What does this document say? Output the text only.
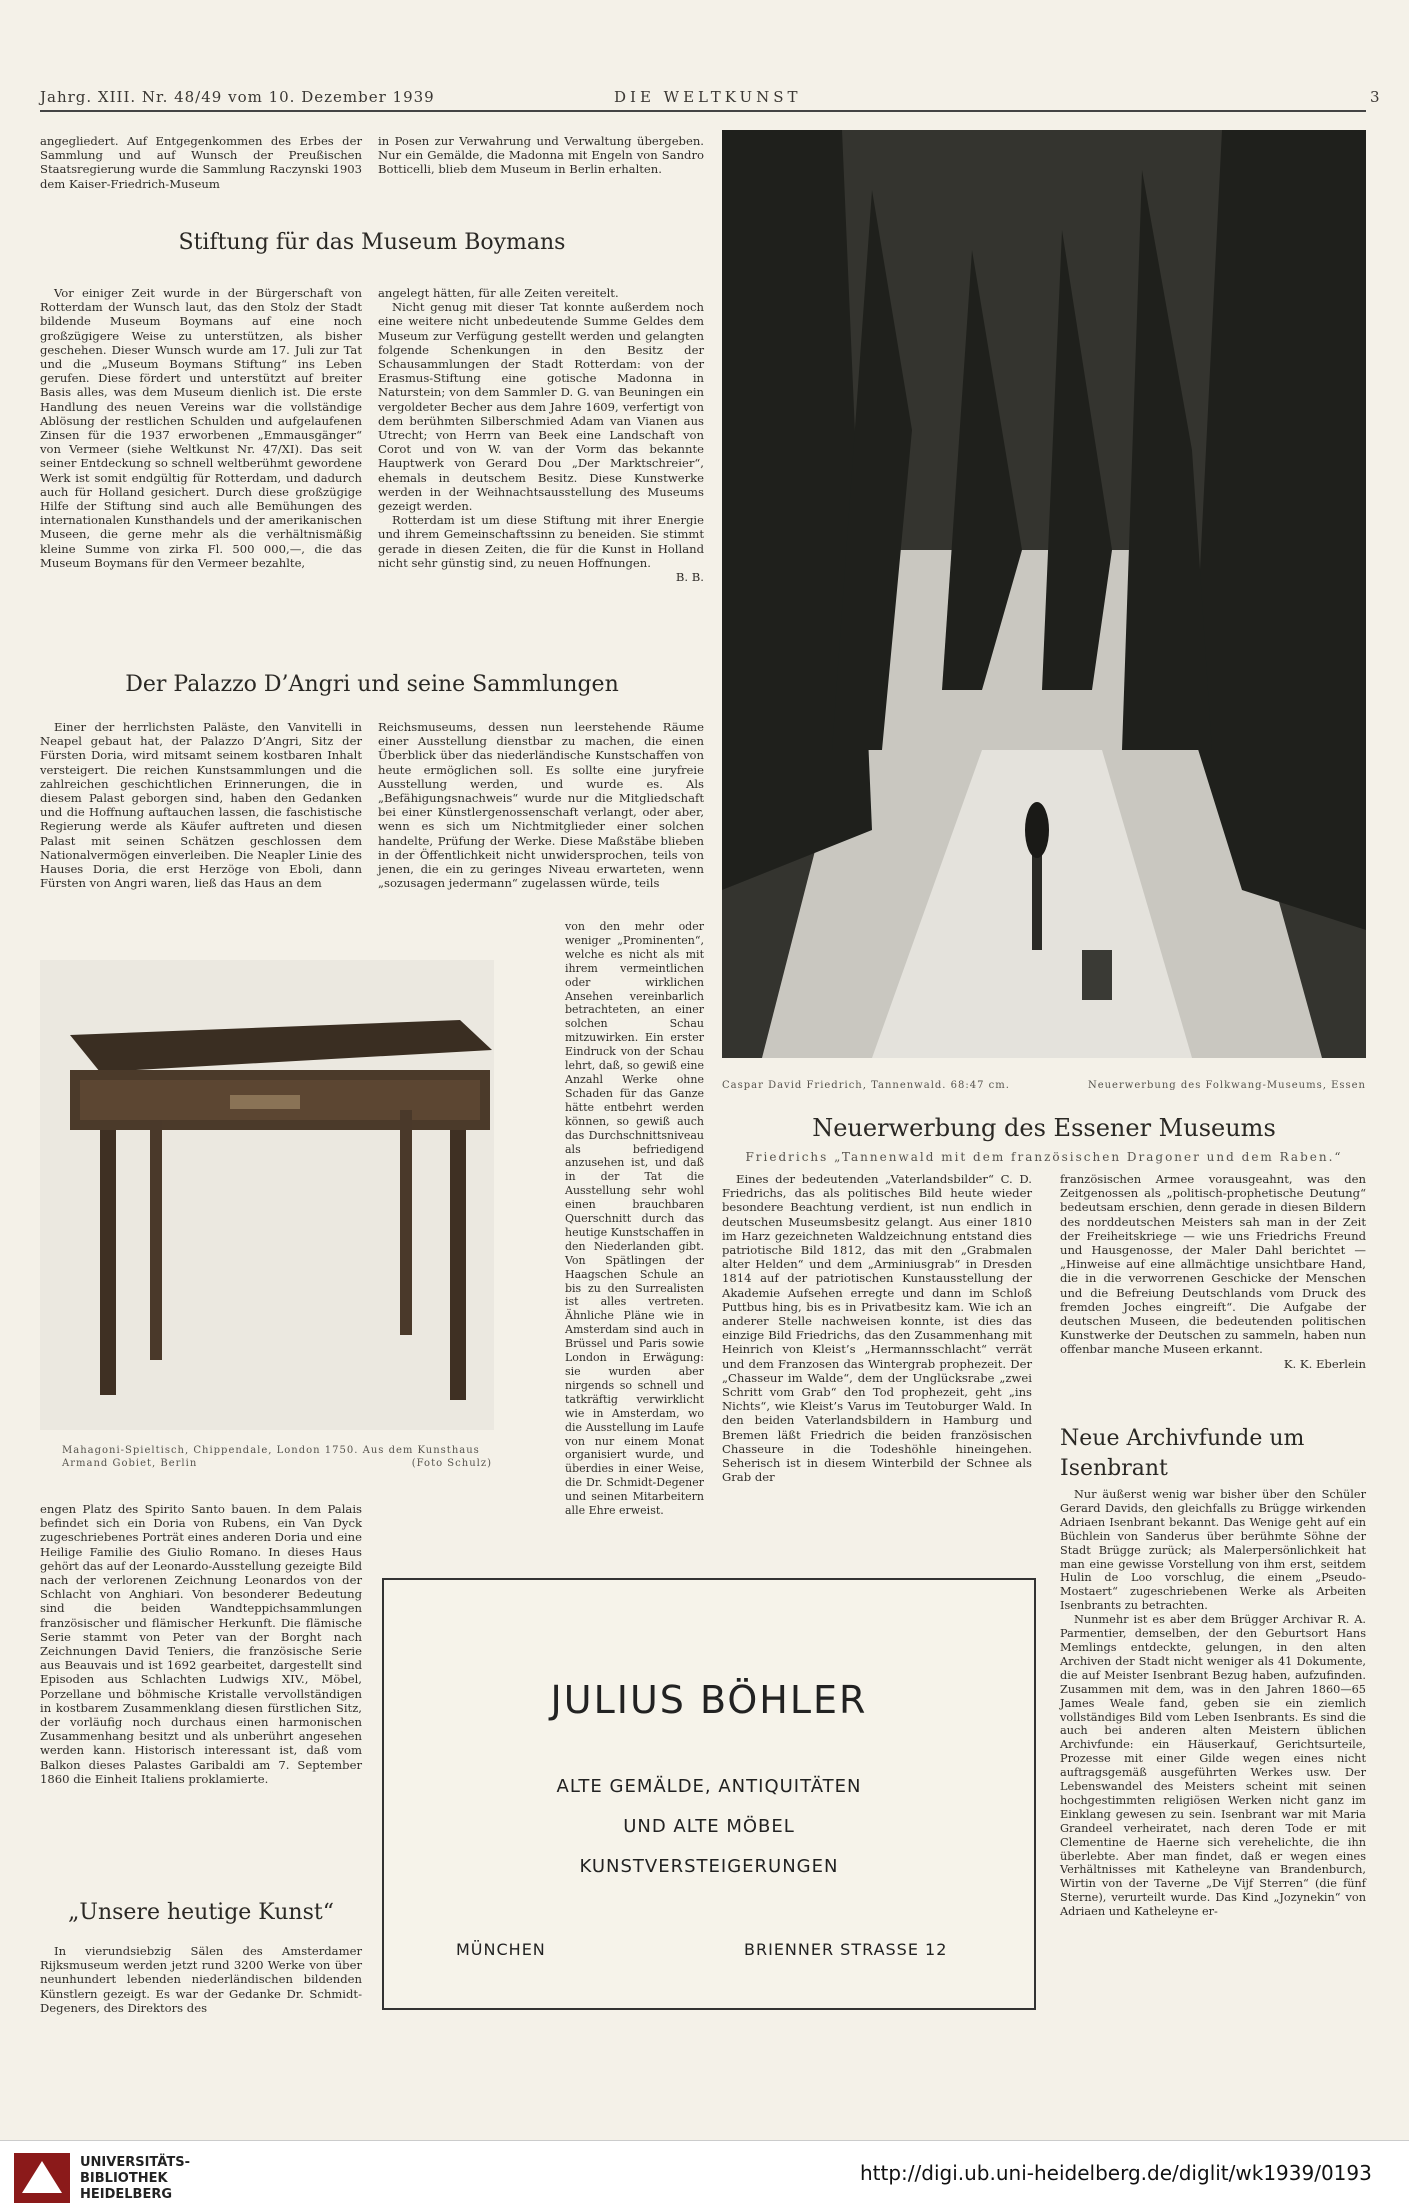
Jahrg. XIII. Nr. 48/49 vom 10. Dezember 1939	DIE WELTKUNST	3

angegliedert. Auf Entgegenkommen des Erbes der Sammlung und auf Wunsch der Preußischen Staatsregierung wurde die Sammlung Raczynski 1903 dem Kaiser-Friedrich-Museum

in Posen zur Verwahrung und Verwaltung übergeben. Nur ein Gemälde, die Madonna mit Engeln von Sandro Botticelli, blieb dem Museum in Berlin erhalten.

Stiftung für das Museum Boymans

Vor einiger Zeit wurde in der Bürgerschaft von Rotterdam der Wunsch laut, das den Stolz der Stadt bildende Museum Boymans auf eine noch großzügigere Weise zu unterstützen, als bisher geschehen. Dieser Wunsch wurde am 17. Juli zur Tat und die „Museum Boymans Stiftung“ ins Leben gerufen. Diese fördert und unterstützt auf breiter Basis alles, was dem Museum dienlich ist. Die erste Handlung des neuen Vereins war die vollständige Ablösung der restlichen Schulden und aufgelaufenen Zinsen für die 1937 erworbenen „Emmausgänger“ von Vermeer (siehe Weltkunst Nr. 47/XI). Das seit seiner Entdeckung so schnell weltberühmt gewordene Werk ist somit endgültig für Rotterdam, und dadurch auch für Holland gesichert. Durch diese großzügige Hilfe der Stiftung sind auch alle Bemühungen des internationalen Kunsthandels und der amerikanischen Museen, die gerne mehr als die verhältnismäßig kleine Summe von zirka Fl. 500 000,—, die das Museum Boymans für den Vermeer bezahlte,

angelegt hätten, für alle Zeiten vereitelt.

Nicht genug mit dieser Tat konnte außerdem noch eine weitere nicht unbedeutende Summe Geldes dem Museum zur Verfügung gestellt werden und gelangten folgende Schenkungen in den Besitz der Schausammlungen der Stadt Rotterdam: von der Erasmus-Stiftung eine gotische Madonna in Naturstein; von dem Sammler D. G. van Beuningen ein vergoldeter Becher aus dem Jahre 1609, verfertigt von dem berühmten Silberschmied Adam van Vianen aus Utrecht; von Herrn van Beek eine Landschaft von Corot und von W. van der Vorm das bekannte Hauptwerk von Gerard Dou „Der Marktschreier“, ehemals in deutschem Besitz. Diese Kunstwerke werden in der Weihnachtsausstellung des Museums gezeigt werden.

Rotterdam ist um diese Stiftung mit ihrer Energie und ihrem Gemeinschaftssinn zu beneiden. Sie stimmt gerade in diesen Zeiten, die für die Kunst in Holland nicht sehr günstig sind, zu neuen Hoffnungen.

B. B.
Der Palazzo D’Angri und seine Sammlungen

Einer der herrlichsten Paläste, den Vanvitelli in Neapel gebaut hat, der Palazzo D’Angri, Sitz der Fürsten Doria, wird mitsamt seinem kostbaren Inhalt versteigert. Die reichen Kunstsammlungen und die zahlreichen geschichtlichen Erinnerungen, die in diesem Palast geborgen sind, haben den Gedanken und die Hoffnung auftauchen lassen, die faschistische Regierung werde als Käufer auftreten und diesen Palast mit seinen Schätzen geschlossen dem Nationalvermögen einverleiben. Die Neapler Linie des Hauses Doria, die erst Herzöge von Eboli, dann Fürsten von Angri waren, ließ das Haus an dem

Reichsmuseums, dessen nun leerstehende Räume einer Ausstellung dienstbar zu machen, die einen Überblick über das niederländische Kunstschaffen von heute ermöglichen soll. Es sollte eine juryfreie Ausstellung werden, und wurde es. Als „Befähigungsnachweis“ wurde nur die Mitgliedschaft bei einer Künstlergenossenschaft verlangt, oder aber, wenn es sich um Nichtmitglieder einer solchen handelte, Prüfung der Werke. Diese Maßstäbe blieben in der Öffentlichkeit nicht unwidersprochen, teils von jenen, die ein zu geringes Niveau erwarteten, wenn „sozusagen jedermann“ zugelassen würde, teils

Mahagoni-Spieltisch, Chippendale, London 1750. Aus dem Kunsthaus Armand Gobiet, Berlin	(Foto Schulz)

von den mehr oder weniger „Prominenten“, welche es nicht als mit ihrem vermeintlichen oder wirklichen Ansehen vereinbarlich betrachteten, an einer solchen Schau mitzuwirken. Ein erster Eindruck von der Schau lehrt, daß, so gewiß eine Anzahl Werke ohne Schaden für das Ganze hätte entbehrt werden können, so gewiß auch das Durchschnittsniveau als befriedigend anzusehen ist, und daß in der Tat die Ausstellung sehr wohl einen brauchbaren Querschnitt durch das heutige Kunstschaffen in den Niederlanden gibt. Von Spätlingen der Haagschen Schule an bis zu den Surrealisten ist alles vertreten. Ähnliche Pläne wie in Amsterdam sind auch in Brüssel und Paris sowie London in Erwägung: sie wurden aber nirgends so schnell und tatkräftig verwirklicht wie in Amsterdam, wo die Ausstellung im Laufe von nur einem Monat organisiert wurde, und überdies in einer Weise, die Dr. Schmidt-Degener und seinen Mitarbeitern alle Ehre erweist.

engen Platz des Spirito Santo bauen. In dem Palais befindet sich ein Doria von Rubens, ein Van Dyck zugeschriebenes Porträt eines anderen Doria und eine Heilige Familie des Giulio Romano. In dieses Haus gehört das auf der Leonardo-Ausstellung gezeigte Bild nach der verlorenen Zeichnung Leonardos von der Schlacht von Anghiari. Von besonderer Bedeutung sind die beiden Wandteppichsammlungen französischer und flämischer Herkunft. Die flämische Serie stammt von Peter van der Borght nach Zeichnungen David Teniers, die französische Serie aus Beauvais und ist 1692 gearbeitet, dargestellt sind Episoden aus Schlachten Ludwigs XIV., Möbel, Porzellane und böhmische Kristalle vervollständigen in kostbarem Zusammenklang diesen fürstlichen Sitz, der vorläufig noch durchaus einen harmonischen Zusammenhang besitzt und als unberührt angesehen werden kann. Historisch interessant ist, daß vom Balkon dieses Palastes Garibaldi am 7. September 1860 die Einheit Italiens proklamierte.

„Unsere heutige Kunst“

In vierundsiebzig Sälen des Amsterdamer Rijksmuseum werden jetzt rund 3200 Werke von über neunhundert lebenden niederländischen bildenden Künstlern gezeigt. Es war der Gedanke Dr. Schmidt-Degeners, des Direktors des

Caspar David Friedrich, Tannenwald. 68:47 cm.	Neuerwerbung des Folkwang-Museums, Essen
Neuerwerbung des Essener Museums
Friedrichs „Tannenwald mit dem französischen Dragoner und dem Raben.“

Eines der bedeutenden „Vaterlandsbilder“ C. D. Friedrichs, das als politisches Bild heute wieder besondere Beachtung verdient, ist nun endlich in deutschen Museumsbesitz gelangt. Aus einer 1810 im Harz gezeichneten Waldzeichnung entstand dies patriotische Bild 1812, das mit den „Grabmalen alter Helden“ und dem „Arminiusgrab“ in Dresden 1814 auf der patriotischen Kunstausstellung der Akademie Aufsehen erregte und dann im Schloß Puttbus hing, bis es in Privatbesitz kam. Wie ich an anderer Stelle nachweisen konnte, ist dies das einzige Bild Friedrichs, das den Zusammenhang mit Heinrich von Kleist’s „Hermannsschlacht“ verrät und dem Franzosen das Wintergrab prophezeit. Der „Chasseur im Walde“, dem der Unglücksrabe „zwei Schritt vom Grab“ den Tod prophezeit, geht „ins Nichts“, wie Kleist’s Varus im Teutoburger Wald. In den beiden Vaterlandsbildern in Hamburg und Bremen läßt Friedrich die beiden französischen Chasseure in die Todeshöhle hineingehen. Seherisch ist in diesem Winterbild der Schnee als Grab der

französischen Armee vorausgeahnt, was den Zeitgenossen als „politisch-prophetische Deutung“ bedeutsam erschien, denn gerade in diesen Bildern des norddeutschen Meisters sah man in der Zeit der Freiheitskriege — wie uns Friedrichs Freund und Hausgenosse, der Maler Dahl berichtet — „Hinweise auf eine allmächtige unsichtbare Hand, die in die verworrenen Geschicke der Menschen und die Befreiung Deutschlands vom Druck des fremden Joches eingreift“. Die Aufgabe der deutschen Museen, die bedeutenden politischen Kunstwerke der Deutschen zu sammeln, haben nun offenbar manche Museen erkannt.

K. K. Eberlein
Neue Archivfunde um Isenbrant

Nur äußerst wenig war bisher über den Schüler Gerard Davids, den gleichfalls zu Brügge wirkenden Adriaen Isenbrant bekannt. Das Wenige geht auf ein Büchlein von Sanderus über berühmte Söhne der Stadt Brügge zurück; als Malerpersönlichkeit hat man eine gewisse Vorstellung von ihm erst, seitdem Hulin de Loo vorschlug, die einem „Pseudo-Mostaert“ zugeschriebenen Werke als Arbeiten Isenbrants zu betrachten.

Nunmehr ist es aber dem Brügger Archivar R. A. Parmentier, demselben, der den Geburtsort Hans Memlings entdeckte, gelungen, in den alten Archiven der Stadt nicht weniger als 41 Dokumente, die auf Meister Isenbrant Bezug haben, aufzufinden. Zusammen mit dem, was in den Jahren 1860—65 James Weale fand, geben sie ein ziemlich vollständiges Bild vom Leben Isenbrants. Es sind die auch bei anderen alten Meistern üblichen Archivfunde: ein Häuserkauf, Gerichtsurteile, Prozesse mit einer Gilde wegen eines nicht auftragsgemäß ausgeführten Werkes usw. Der Lebenswandel des Meisters scheint mit seinen hochgestimmten religiösen Werken nicht ganz im Einklang gewesen zu sein. Isenbrant war mit Maria Grandeel verheiratet, nach deren Tode er mit Clementine de Haerne sich verehelichte, die ihn überlebte. Aber man findet, daß er wegen eines Verhältnisses mit Katheleyne van Brandenburch, Wirtin von der Taverne „De Vijf Sterren“ (die fünf Sterne), verurteilt wurde. Das Kind „Jozynekin“ von Adriaen und Katheleyne er-

JULIUS BÖHLER
ALTE GEMÄLDE, ANTIQUITÄTEN
UND ALTE MÖBEL
KUNSTVERSTEIGERUNGEN
MÜNCHEN	BRIENNER STRASSE 12
UNIVERSITÄTS-
BIBLIOTHEK
HEIDELBERG
http://digi.ub.uni-heidelberg.de/diglit/wk1939/0193
